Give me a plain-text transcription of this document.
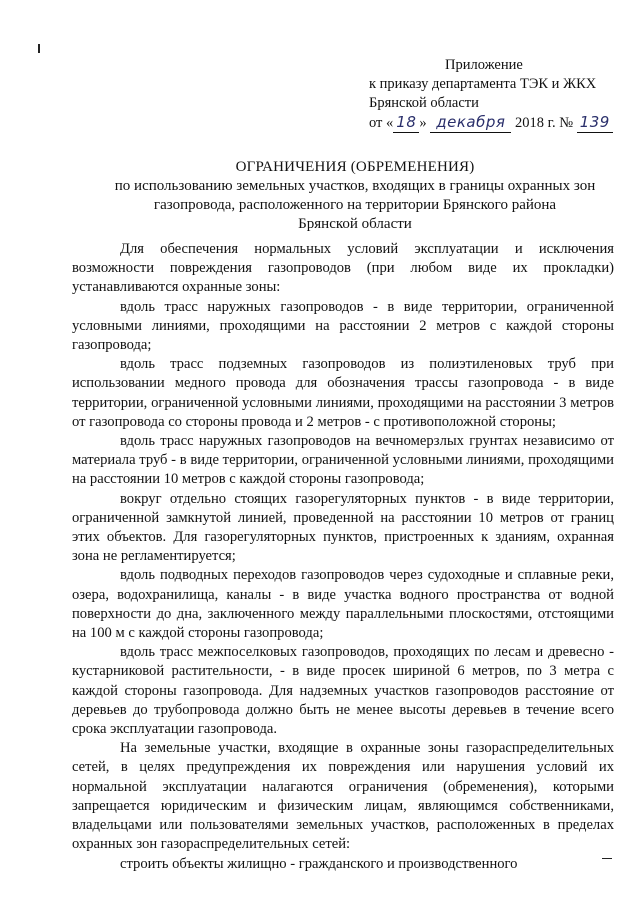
Приложение
к приказу департамента ТЭК и ЖКХ
Брянской области
от « 18 » декабря 2018 г. № 139
ОГРАНИЧЕНИЯ (ОБРЕМЕНЕНИЯ)
по использованию земельных участков, входящих в границы охранных зон
газопровода, расположенного на территории Брянского района
Брянской области

Для обеспечения нормальных условий эксплуатации и исключения возможности повреждения газопроводов (при любом виде их прокладки) устанавливаются охранные зоны:

вдоль трасс наружных газопроводов - в виде территории, ограниченной условными линиями, проходящими на расстоянии 2 метров с каждой стороны газопровода;

вдоль трасс подземных газопроводов из полиэтиленовых труб при использовании медного провода для обозначения трассы газопровода - в виде территории, ограниченной условными линиями, проходящими на расстоянии 3 метров от газопровода со стороны провода и 2 метров - с противоположной стороны;

вдоль трасс наружных газопроводов на вечномерзлых грунтах независимо от материала труб - в виде территории, ограниченной условными линиями, проходящими на расстоянии 10 метров с каждой стороны газопровода;

вокруг отдельно стоящих газорегуляторных пунктов - в виде территории, ограниченной замкнутой линией, проведенной на расстоянии 10 метров от границ этих объектов. Для газорегуляторных пунктов, пристроенных к зданиям, охранная зона не регламентируется;

вдоль подводных переходов газопроводов через судоходные и сплавные реки, озера, водохранилища, каналы - в виде участка водного пространства от водной поверхности до дна, заключенного между параллельными плоскостями, отстоящими на 100 м с каждой стороны газопровода;

вдоль трасс межпоселковых газопроводов, проходящих по лесам и древесно - кустарниковой растительности, - в виде просек шириной 6 метров, по 3 метра с каждой стороны газопровода. Для надземных участков газопроводов расстояние от деревьев до трубопровода должно быть не менее высоты деревьев в течение всего срока эксплуатации газопровода.

На земельные участки, входящие в охранные зоны газораспределительных сетей, в целях предупреждения их повреждения или нарушения условий их нормальной эксплуатации налагаются ограничения (обременения), которыми запрещается юридическим и физическим лицам, являющимся собственниками, владельцами или пользователями земельных участков, расположенных в пределах охранных зон газораспределительных сетей:

строить объекты жилищно - гражданского и производственного
